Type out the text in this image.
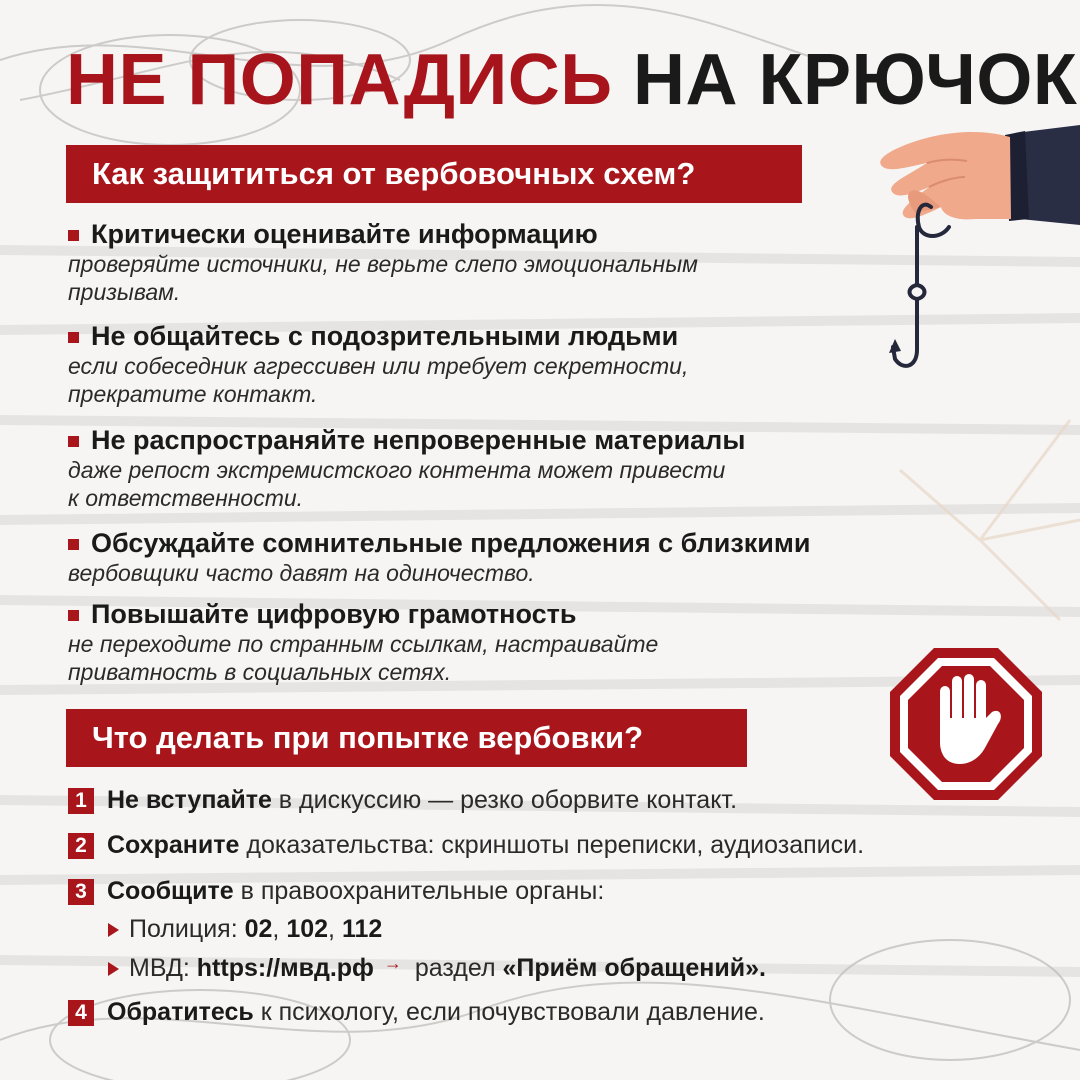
НЕ ПОПАДИСЬ НА КРЮЧОК
Как защититься от вербовочных схем?
Критически оценивайте информацию
проверяйте источники, не верьте слепо эмоциональным
призывам.
Не общайтесь с подозрительными людьми
если собеседник агрессивен или требует секретности,
прекратите контакт.
Не распространяйте непроверенные материалы
даже репост экстремистского контента может привести
к ответственности.
Обсуждайте сомнительные предложения с близкими
вербовщики часто давят на одиночество.
Повышайте цифровую грамотность
не переходите по странным ссылкам, настраивайте
приватность в социальных сетях.
Что делать при попытке вербовки?
1 Не вступайте в дискуссию — резко оборвите контакт.
2 Сохраните доказательства: скриншоты переписки, аудиозаписи.
3 Сообщите в правоохранительные органы:
Полиция: 02 , 102 , 112
МВД: https://мвд.рф → раздел «Приём обращений».
4 Обратитесь к психологу, если почувствовали давление.
